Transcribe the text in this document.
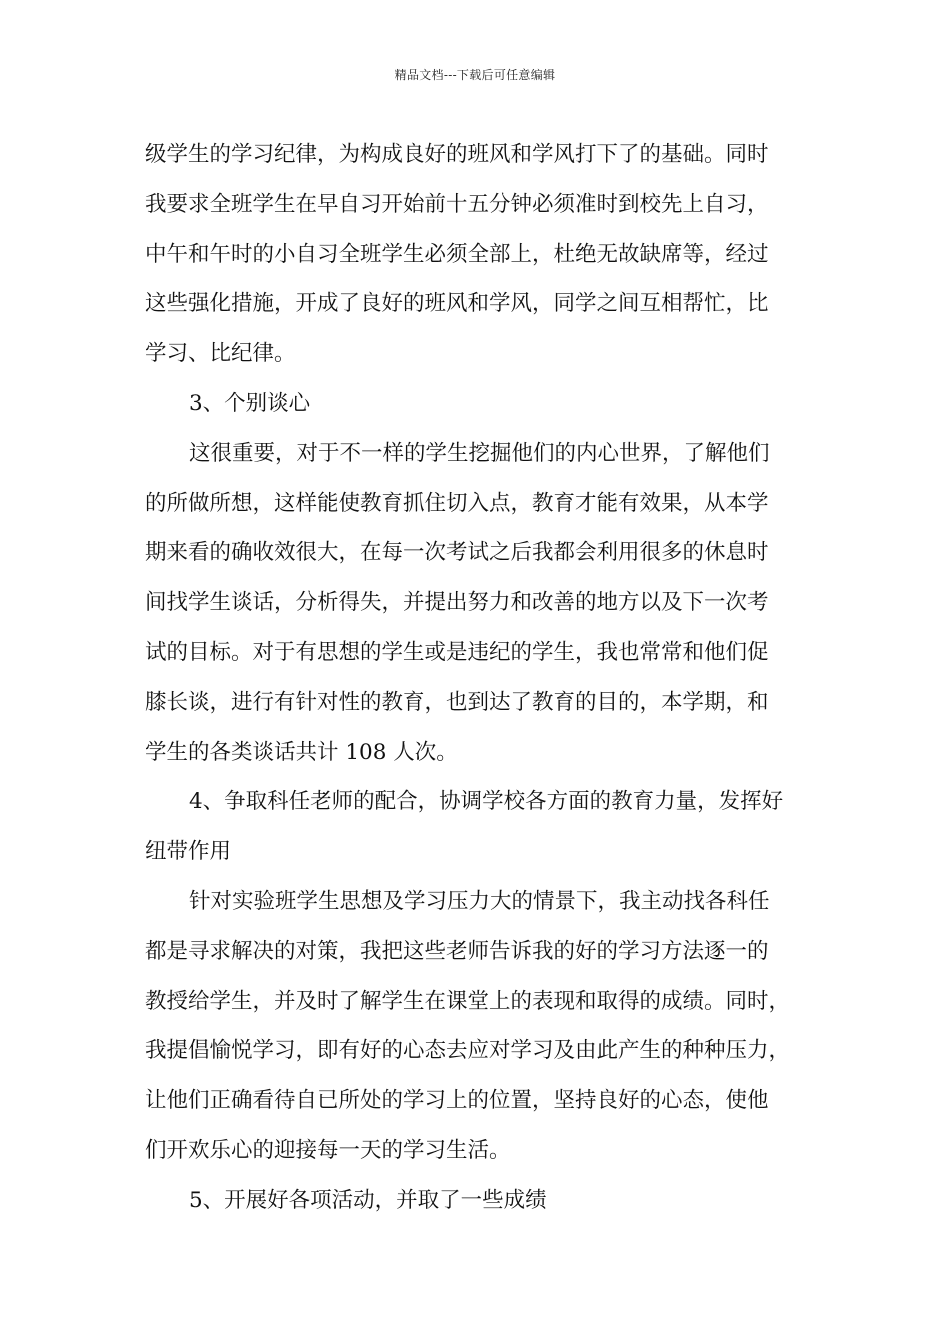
精品文档---下载后可任意编辑
级学生的学习纪律，为构成良好的班风和学风打下了的基础。同时
我要求全班学生在早自习开始前十五分钟必须准时到校先上自习，
中午和午时的小自习全班学生必须全部上，杜绝无故缺席等，经过
这些强化措施，开成了良好的班风和学风，同学之间互相帮忙，比
学习、比纪律。
3、个别谈心
这很重要，对于不一样的学生挖掘他们的内心世界，了解他们
的所做所想，这样能使教育抓住切入点，教育才能有效果，从本学
期来看的确收效很大，在每一次考试之后我都会利用很多的休息时
间找学生谈话，分析得失，并提出努力和改善的地方以及下一次考
试的目标。对于有思想的学生或是违纪的学生，我也常常和他们促
膝长谈，进行有针对性的教育，也到达了教育的目的，本学期，和
学生的各类谈话共计 108 人次。
4、争取科任老师的配合，协调学校各方面的教育力量，发挥好
纽带作用
针对实验班学生思想及学习压力大的情景下，我主动找各科任
都是寻求解决的对策，我把这些老师告诉我的好的学习方法逐一的
教授给学生，并及时了解学生在课堂上的表现和取得的成绩。同时，
我提倡愉悦学习，即有好的心态去应对学习及由此产生的种种压力，
让他们正确看待自已所处的学习上的位置，坚持良好的心态，使他
们开欢乐心的迎接每一天的学习生活。
5、开展好各项活动，并取了一些成绩
